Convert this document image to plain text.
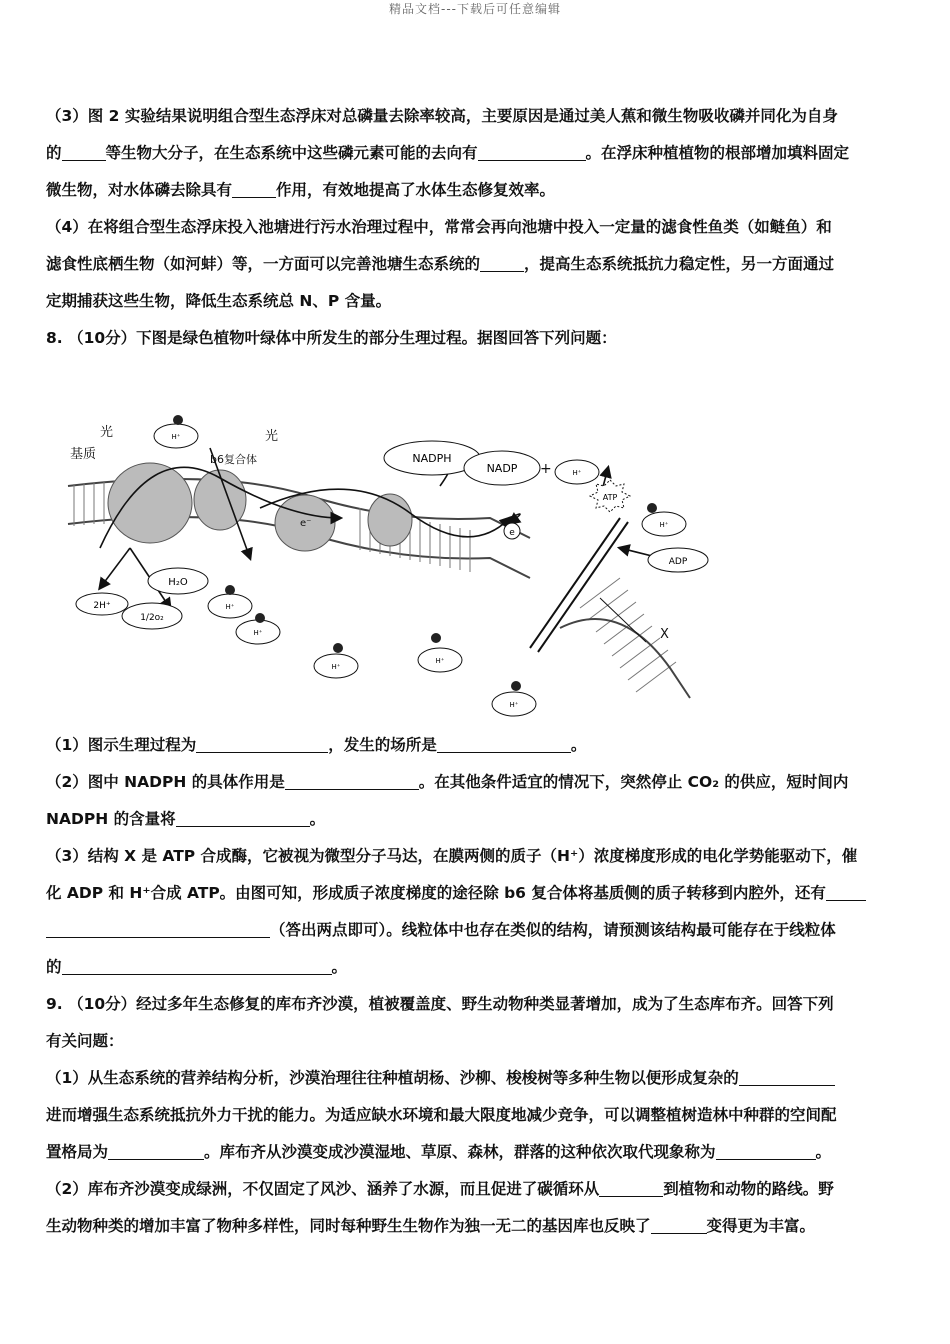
精品文档---下载后可任意编辑

（3）图 2 实验结果说明组合型生态浮床对总磷量去除率较高，主要原因是通过美人蕉和微生物吸收磷并同化为自身

的	等生物大分子，在生态系统中这些磷元素可能的去向有	。在浮床种植植物的根部增加填料固定

微生物，对水体磷去除具有	作用，有效地提高了水体生态修复效率。

（4）在将组合型生态浮床投入池塘进行污水治理过程中，常常会再向池塘中投入一定量的滤食性鱼类（如鲢鱼）和

滤食性底栖生物（如河蚌）等，一方面可以完善池塘生态系统的	，提高生态系统抵抗力稳定性，另一方面通过

定期捕获这些生物，降低生态系统总 N、P 含量。

8. （10分）下图是绿色植物叶绿体中所发生的部分生理过程。据图回答下列问题：

光	光
基质	b6复合体
+
e⁻
X
NADPH
NADP
H₂O
2H⁺
1/2o₂
ADP
ATP
e
H⁺
H⁺
H⁺
H⁺
H⁺
H⁺
H⁺
H⁺

（1）图示生理过程为	，发生的场所是	。

（2）图中 NADPH 的具体作用是	。在其他条件适宜的情况下，突然停止 CO₂ 的供应，短时间内

NADPH 的含量将	。

（3）结构 X 是 ATP 合成酶，它被视为微型分子马达，在膜两侧的质子（H⁺）浓度梯度形成的电化学势能驱动下，催

化 ADP 和 H⁺合成 ATP。由图可知，形成质子浓度梯度的途径除 b6 复合体将基质侧的质子转移到内腔外，还有

（答出两点即可）。线粒体中也存在类似的结构，请预测该结构最可能存在于线粒体

的	。

9. （10分）经过多年生态修复的库布齐沙漠，植被覆盖度、野生动物种类显著增加，成为了生态库布齐。回答下列

有关问题：

（1）从生态系统的营养结构分析，沙漠治理往往种植胡杨、沙柳、梭梭树等多种生物以便形成复杂的

进而增强生态系统抵抗外力干扰的能力。为适应缺水环境和最大限度地减少竞争，可以调整植树造林中种群的空间配

置格局为	。库布齐从沙漠变成沙漠湿地、草原、森林，群落的这种依次取代现象称为	。

（2）库布齐沙漠变成绿洲，不仅固定了风沙、涵养了水源，而且促进了碳循环从	到植物和动物的路线。野

生动物种类的增加丰富了物种多样性，同时每种野生生物作为独一无二的基因库也反映了	变得更为丰富。
